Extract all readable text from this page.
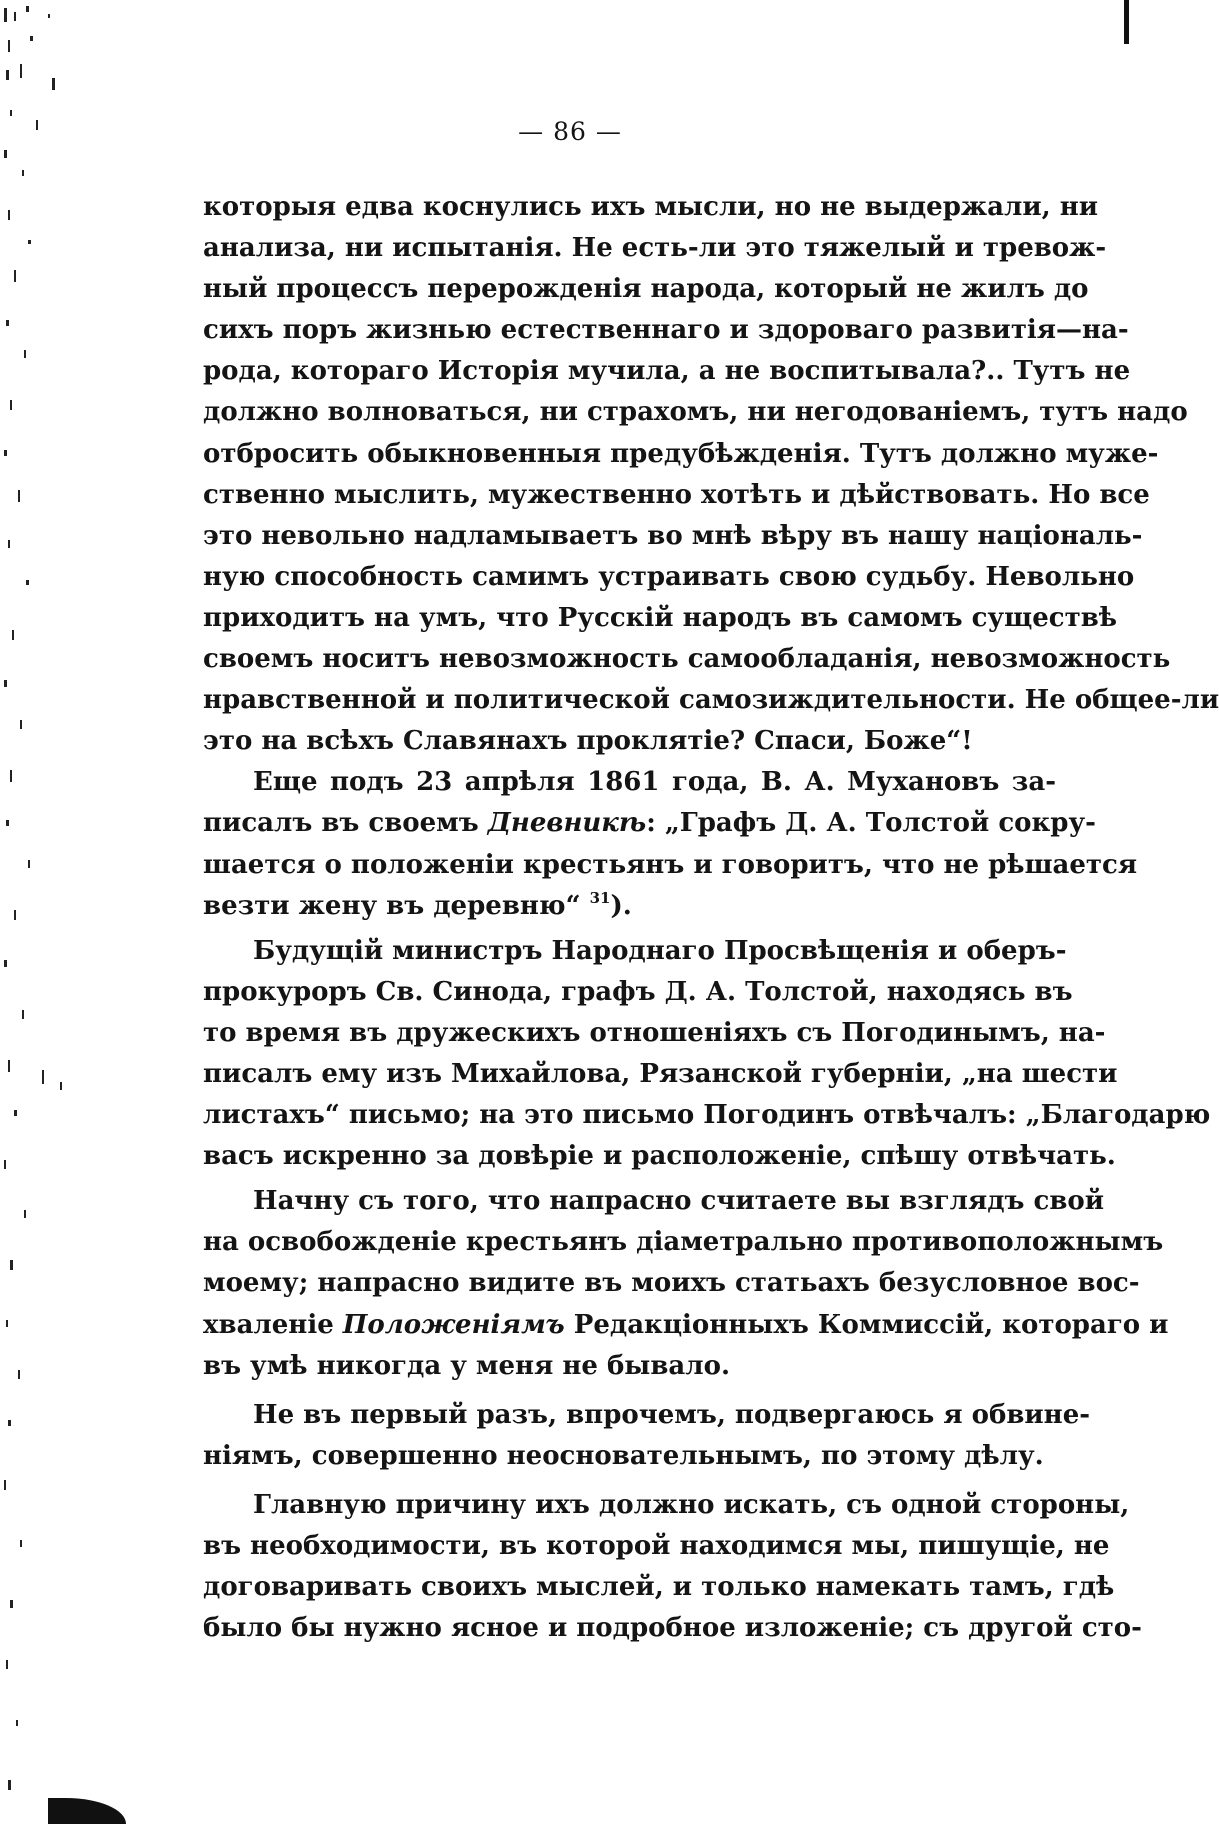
— 86 —
которыя едва коснулись ихъ мысли, но не выдержали, ни
анализа, ни испытанія. Не есть-ли это тяжелый и тревож-
ный процессъ перерожденія народа, который не жилъ до
сихъ поръ жизнью естественнаго и здороваго развитія—на-
рода, котораго Исторія мучила, а не воспитывала?.. Тутъ не
должно волноваться, ни страхомъ, ни негодованіемъ, тутъ надо
отбросить обыкновенныя предубѣжденія. Тутъ должно муже-
ственно мыслить, мужественно хотѣть и дѣйствовать. Но все
это невольно надламываетъ во мнѣ вѣру въ нашу національ-
ную способность самимъ устраивать свою судьбу. Невольно
приходитъ на умъ, что Русскій народъ въ самомъ существѣ
своемъ носитъ невозможность самообладанія, невозможность
нравственной и политической самозиждительности. Не общее-ли
это на всѣхъ Славянахъ проклятіе? Спаси, Боже“!
Еще подъ 23 апрѣля 1861 года, В. А. Мухановъ за-
писалъ въ своемъ Дневникѣ: „Графъ Д. А. Толстой сокру-
шается о положеніи крестьянъ и говоритъ, что не рѣшается
везти жену въ деревню“ $^{31}$).
Будущій министръ Народнаго Просвѣщенія и оберъ-
прокуроръ Св. Синода, графъ Д. А. Толстой, находясь въ
то время въ дружескихъ отношеніяхъ съ Погодинымъ, на-
писалъ ему изъ Михайлова, Рязанской губерніи, „на шести
листахъ“ письмо; на это письмо Погодинъ отвѣчалъ: „Благодарю
васъ искренно за довѣріе и расположеніе, спѣшу отвѣчать.
Начну съ того, что напрасно считаете вы взглядъ свой
на освобожденіе крестьянъ діаметрально противоположнымъ
моему; напрасно видите въ моихъ статьахъ безусловное вос-
хваленіе Положеніямъ Редакціонныхъ Коммиссій, котораго и
въ умѣ никогда у меня не бывало.
Не въ первый разъ, впрочемъ, подвергаюсь я обвине-
ніямъ, совершенно неосновательнымъ, по этому дѣлу.
Главную причину ихъ должно искать, съ одной стороны,
въ необходимости, въ которой находимся мы, пишущіе, не
договаривать своихъ мыслей, и только намекать тамъ, гдѣ
было бы нужно ясное и подробное изложеніе; съ другой сто-
